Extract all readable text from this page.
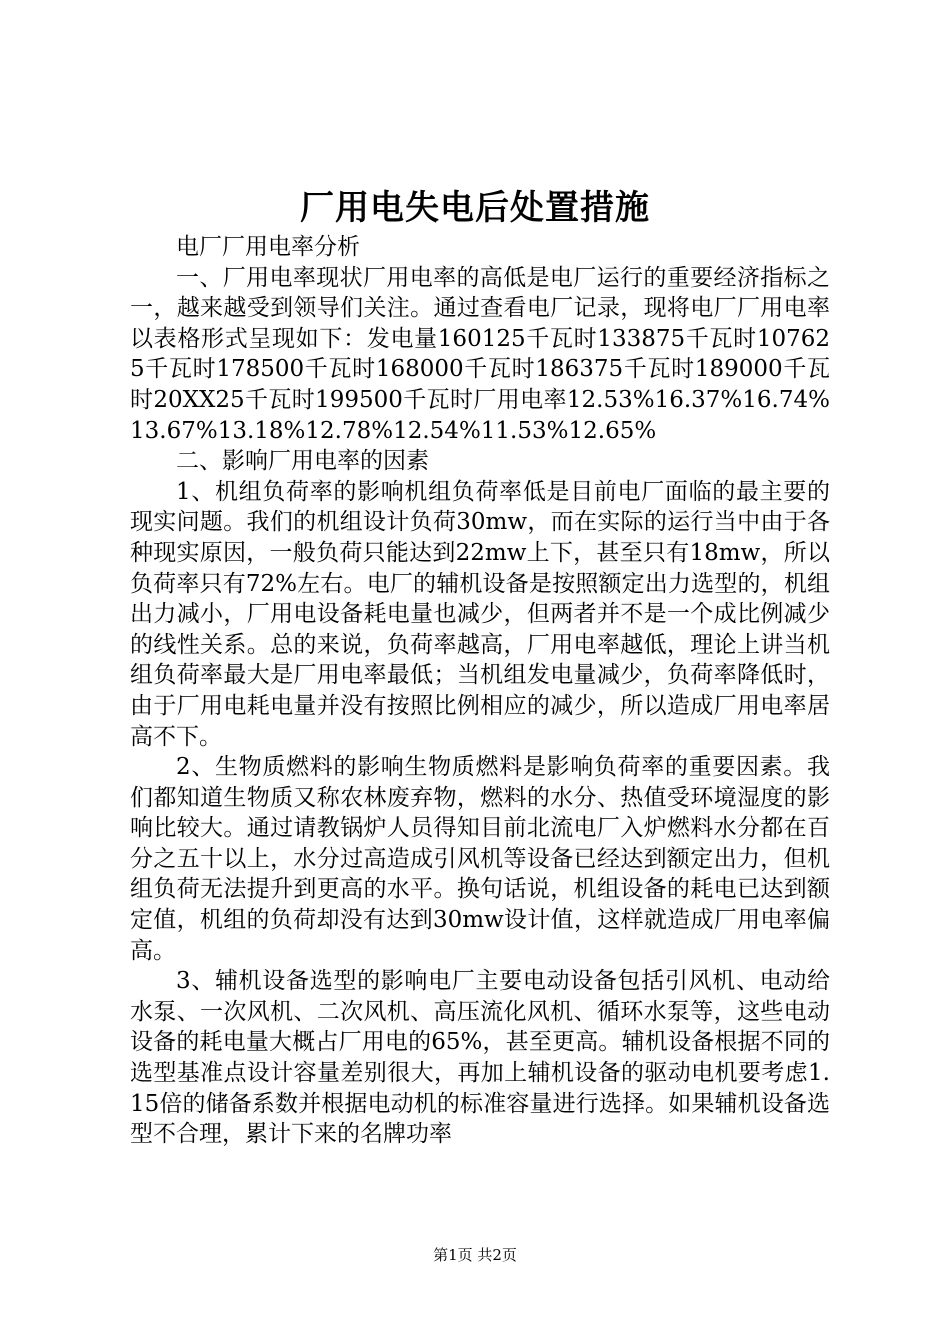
厂用电失电后处置措施

电厂厂用电率分析

一、厂用电率现状厂用电率的高低是电厂运行的重要经济指标之一，越来越受到领导们关注。通过查看电厂记录，现将电厂厂用电率以表格形式呈现如下：发电量160125千瓦时133875千瓦时107625千瓦时178500千瓦时168000千瓦时186375千瓦时189000千瓦时20XX25千瓦时199500千瓦时厂用电率12.53%16.37%16.74%13.67%13.18%12.78%12.54%11.53%12.65%

二、影响厂用电率的因素

1、机组负荷率的影响机组负荷率低是目前电厂面临的最主要的现实问题。我们的机组设计负荷30mw，而在实际的运行当中由于各种现实原因，一般负荷只能达到22mw上下，甚至只有18mw，所以负荷率只有72%左右。电厂的辅机设备是按照额定出力选型的，机组出力减小，厂用电设备耗电量也减少，但两者并不是一个成比例减少的线性关系。总的来说，负荷率越高，厂用电率越低，理论上讲当机组负荷率最大是厂用电率最低；当机组发电量减少，负荷率降低时，由于厂用电耗电量并没有按照比例相应的减少，所以造成厂用电率居高不下。

2、生物质燃料的影响生物质燃料是影响负荷率的重要因素。我们都知道生物质又称农林废弃物，燃料的水分、热值受环境湿度的影响比较大。通过请教锅炉人员得知目前北流电厂入炉燃料水分都在百分之五十以上，水分过高造成引风机等设备已经达到额定出力，但机组负荷无法提升到更高的水平。换句话说，机组设备的耗电已达到额定值，机组的负荷却没有达到30mw设计值，这样就造成厂用电率偏高。

3、辅机设备选型的影响电厂主要电动设备包括引风机、电动给水泵、一次风机、二次风机、高压流化风机、循环水泵等，这些电动设备的耗电量大概占厂用电的65%，甚至更高。辅机设备根据不同的选型基准点设计容量差别很大，再加上辅机设备的驱动电机要考虑1.15倍的储备系数并根据电动机的标准容量进行选择。如果辅机设备选型不合理，累计下来的名牌功率

第1页 共2页
